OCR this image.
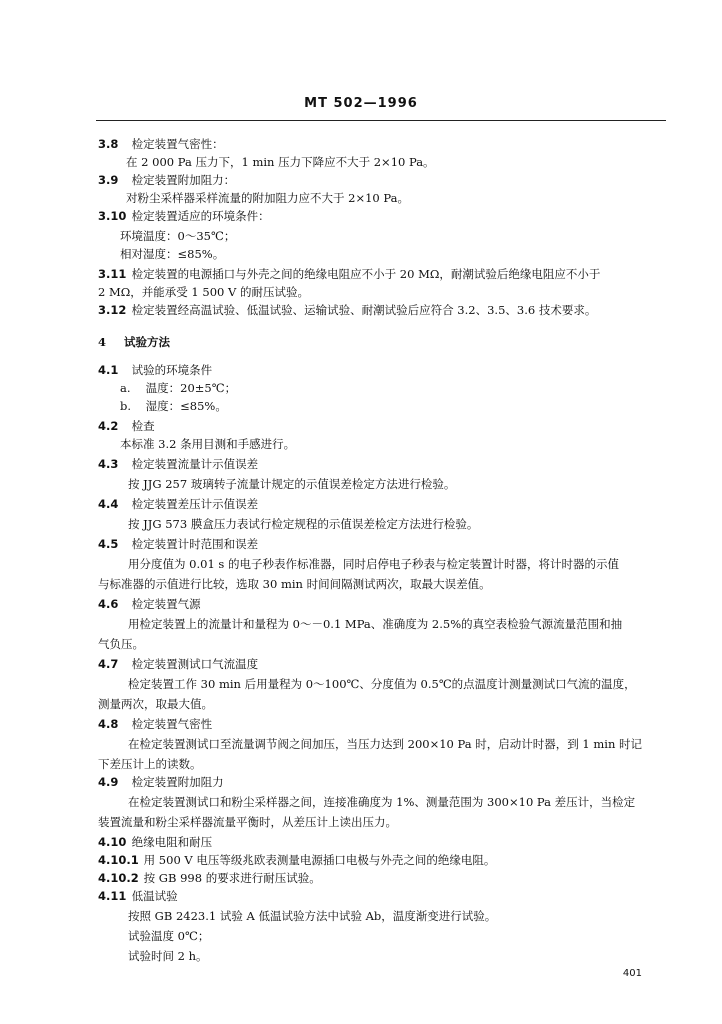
MT 502—1996
3.8 检定装置气密性：
在 2 000 Pa 压力下，1 min 压力下降应不大于 2×10 Pa。
3.9 检定装置附加阻力：
对粉尘采样器采样流量的附加阻力应不大于 2×10 Pa。
3.10 检定装置适应的环境条件：
环境温度：0～35℃；
相对湿度：≤85%。
3.11 检定装置的电源插口与外壳之间的绝缘电阻应不小于 20 MΩ，耐潮试验后绝缘电阻应不小于
2 MΩ，并能承受 1 500 V 的耐压试验。
3.12 检定装置经高温试验、低温试验、运输试验、耐潮试验后应符合 3.2、3.5、3.6 技术要求。
4 试验方法
4.1 试验的环境条件
a. 温度：20±5℃；
b. 湿度：≤85%。
4.2 检查
本标准 3.2 条用目测和手感进行。
4.3 检定装置流量计示值误差
按 JJG 257 玻璃转子流量计规定的示值误差检定方法进行检验。
4.4 检定装置差压计示值误差
按 JJG 573 膜盒压力表试行检定规程的示值误差检定方法进行检验。
4.5 检定装置计时范围和误差
用分度值为 0.01 s 的电子秒表作标准器，同时启停电子秒表与检定装置计时器，将计时器的示值
与标准器的示值进行比较，选取 30 min 时间间隔测试两次，取最大误差值。
4.6 检定装置气源
用检定装置上的流量计和量程为 0～－0.1 MPa、准确度为 2.5%的真空表检验气源流量范围和抽
气负压。
4.7 检定装置测试口气流温度
检定装置工作 30 min 后用量程为 0～100℃、分度值为 0.5℃的点温度计测量测试口气流的温度，
测量两次，取最大值。
4.8 检定装置气密性
在检定装置测试口至流量调节阀之间加压，当压力达到 200×10 Pa 时，启动计时器，到 1 min 时记
下差压计上的读数。
4.9 检定装置附加阻力
在检定装置测试口和粉尘采样器之间，连接准确度为 1%、测量范围为 300×10 Pa 差压计，当检定
装置流量和粉尘采样器流量平衡时，从差压计上读出压力。
4.10 绝缘电阻和耐压
4.10.1 用 500 V 电压等级兆欧表测量电源插口电极与外壳之间的绝缘电阻。
4.10.2 按 GB 998 的要求进行耐压试验。
4.11 低温试验
按照 GB 2423.1 试验 A 低温试验方法中试验 Ab，温度渐变进行试验。
试验温度 0℃；
试验时间 2 h。
401
